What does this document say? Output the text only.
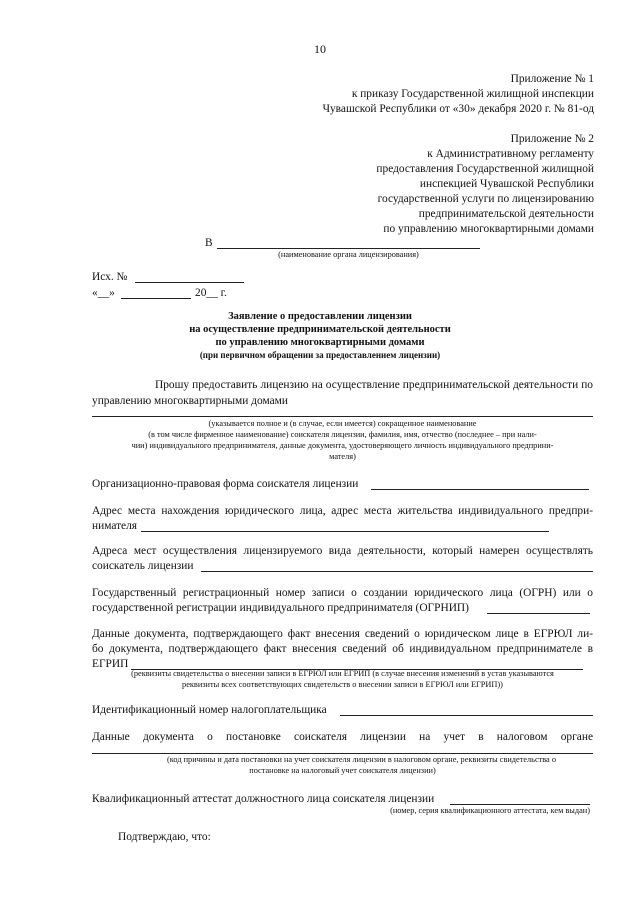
10
Приложение № 1
к приказу Государственной жилищной инспекции
Чувашской Республики от «30» декабря 2020 г. № 81-од
Приложение № 2
к Административному регламенту
предоставления Государственной жилищной
инспекцией Чувашской Республики
государственной услуги по лицензированию
предпринимательской деятельности
по управлению многоквартирными домами
В
(наименование органа лицензирования)
Исх. №
«__»	20__ г.
Заявление о предоставлении лицензии
на осуществление предпринимательской деятельности
по управлению многоквартирными домами
(при первичном обращении за предоставлением лицензии)
Прошу предоставить лицензию на осуществление предпринимательской деятельности по
управлению многоквартирными домами
(указывается полное и (в случае, если имеется) сокращенное наименование
(в том числе фирменное наименование) соискателя лицензии, фамилия, имя, отчество (последнее – при нали-
чии) индивидуального предпринимателя, данные документа, удостоверяющего личность индивидуального предприни-
мателя)
Организационно-правовая форма соискателя лицензии
Адрес места нахождения юридического лица, адрес места жительства индивидуального предпри-
нимателя
Адреса мест осуществления лицензируемого вида деятельности, который намерен осуществлять
соискатель лицензии
Государственный регистрационный номер записи о создании юридического лица (ОГРН) или о
государственной регистрации индивидуального предпринимателя (ОГРНИП)
Данные документа, подтверждающего факт внесения сведений о юридическом лице в ЕГРЮЛ ли-
бо документа, подтверждающего факт внесения сведений об индивидуальном предпринимателе в
ЕГРИП
(реквизиты свидетельства о внесении записи в ЕГРЮЛ или ЕГРИП (в случае внесения изменений в устав указываются
реквизиты всех соответствующих свидетельств о внесении записи в ЕГРЮЛ или ЕГРИП))
Идентификационный номер налогоплательщика
Данные документа о постановке соискателя лицензии на учет в налоговом органе
(код причины и дата постановки на учет соискателя лицензии в налоговом органе, реквизиты свидетельства о
постановке на налоговый учет соискателя лицензии)
Квалификационный аттестат должностного лица соискателя лицензии
(номер, серия квалификационного аттестата, кем выдан)
Подтверждаю, что:
